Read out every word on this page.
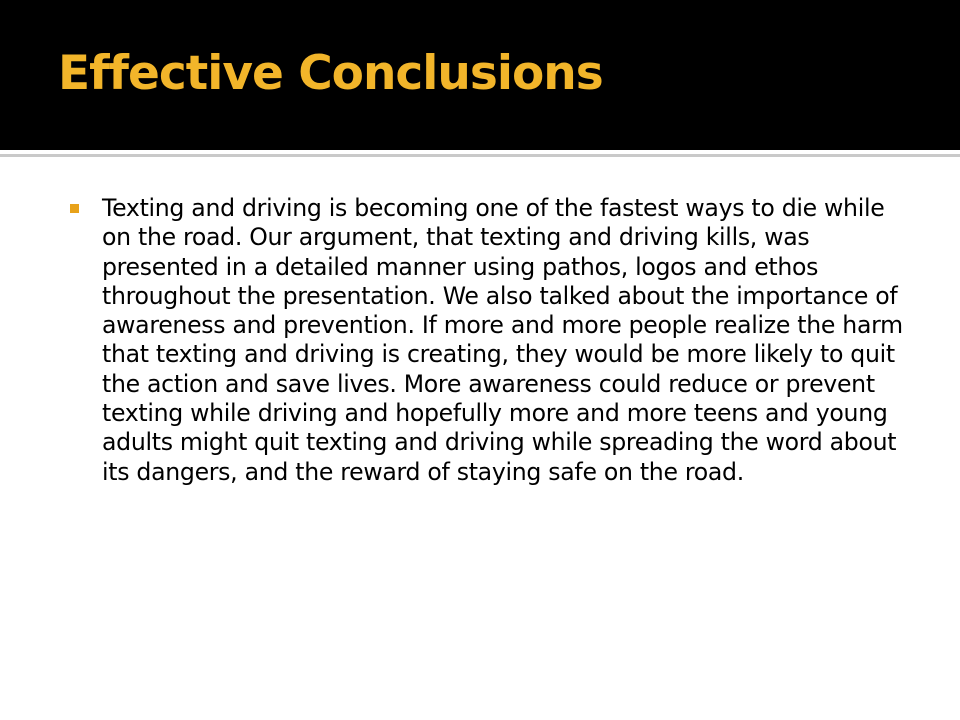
Effective Conclusions

Texting and driving is becoming one of the fastest ways to die while on the road. Our argument, that texting and driving kills, was presented in a detailed manner using pathos, logos and ethos throughout the presentation. We also talked about the importance of awareness and prevention. If more and more people realize the harm that texting and driving is creating, they would be more likely to quit the action and save lives. More awareness could reduce or prevent texting while driving and hopefully more and more teens and young adults might quit texting and driving while spreading the word about its dangers, and the reward of staying safe on the road.
